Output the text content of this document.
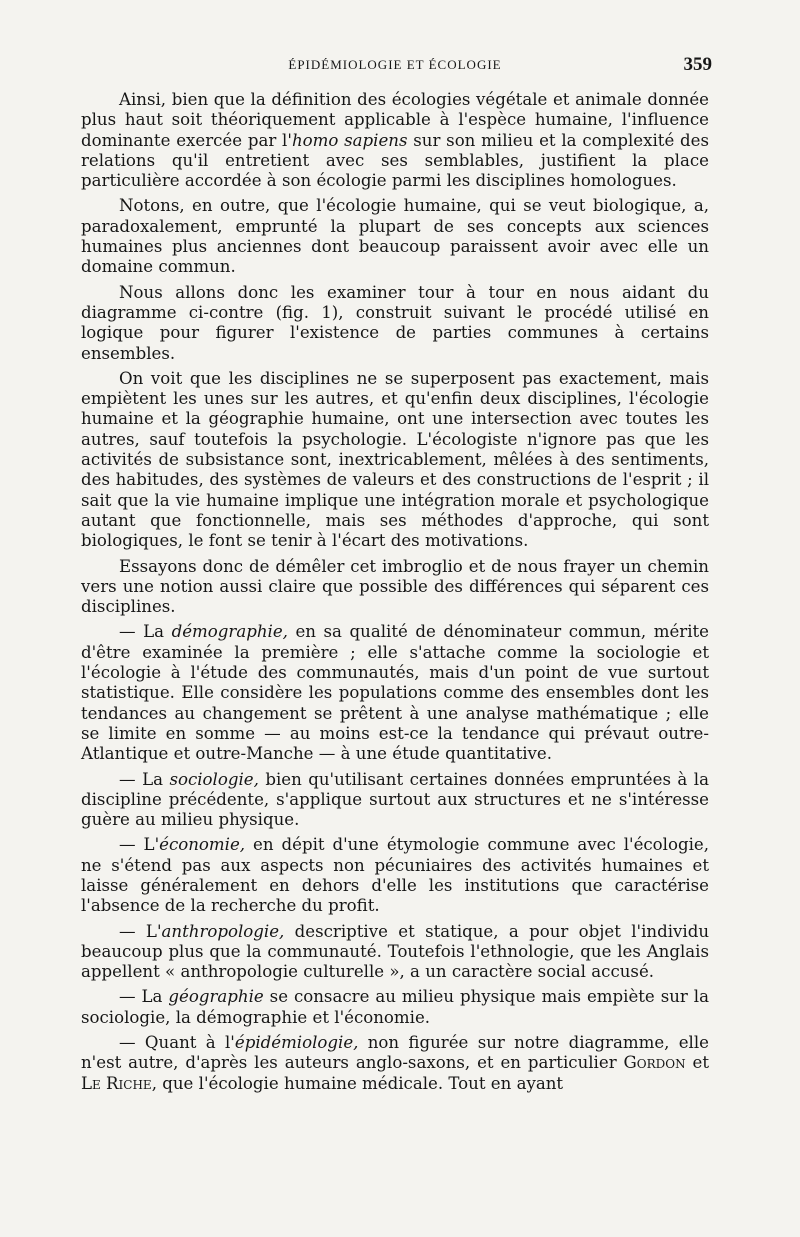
ÉPIDÉMIOLOGIE ET ÉCOLOGIE	359

Ainsi, bien que la définition des écologies végétale et animale donnée plus haut soit théoriquement applicable à l'espèce humaine, l'influence dominante exercée par l'homo sapiens sur son milieu et la complexité des relations qu'il entretient avec ses semblables, justifient la place particulière accordée à son écologie parmi les disciplines homologues.

Notons, en outre, que l'écologie humaine, qui se veut biologique, a, paradoxalement, emprunté la plupart de ses concepts aux sciences humaines plus anciennes dont beaucoup paraissent avoir avec elle un domaine commun.

Nous allons donc les examiner tour à tour en nous aidant du diagramme ci-contre (fig. 1), construit suivant le procédé utilisé en logique pour figurer l'existence de parties communes à certains ensembles.

On voit que les disciplines ne se superposent pas exactement, mais empiètent les unes sur les autres, et qu'enfin deux disciplines, l'écologie humaine et la géographie humaine, ont une intersection avec toutes les autres, sauf toutefois la psychologie. L'écologiste n'ignore pas que les activités de subsistance sont, inextricablement, mêlées à des sentiments, des habitudes, des systèmes de valeurs et des constructions de l'esprit ; il sait que la vie humaine implique une intégration morale et psychologique autant que fonctionnelle, mais ses méthodes d'approche, qui sont biologiques, le font se tenir à l'écart des motivations.

Essayons donc de démêler cet imbroglio et de nous frayer un chemin vers une notion aussi claire que possible des différences qui séparent ces disciplines.

— La démographie, en sa qualité de dénominateur commun, mérite d'être examinée la première ; elle s'attache comme la sociologie et l'écologie à l'étude des communautés, mais d'un point de vue surtout statistique. Elle considère les populations comme des ensembles dont les tendances au changement se prêtent à une analyse mathématique ; elle se limite en somme — au moins est-ce la tendance qui prévaut outre-Atlantique et outre-Manche — à une étude quantitative.

— La sociologie, bien qu'utilisant certaines données empruntées à la discipline précédente, s'applique surtout aux structures et ne s'intéresse guère au milieu physique.

— L'économie, en dépit d'une étymologie commune avec l'écologie, ne s'étend pas aux aspects non pécuniaires des activités humaines et laisse généralement en dehors d'elle les institutions que caractérise l'absence de la recherche du profit.

— L'anthropologie, descriptive et statique, a pour objet l'individu beaucoup plus que la communauté. Toutefois l'ethnologie, que les Anglais appellent « anthropologie culturelle », a un caractère social accusé.

— La géographie se consacre au milieu physique mais empiète sur la sociologie, la démographie et l'économie.

— Quant à l'épidémiologie, non figurée sur notre diagramme, elle n'est autre, d'après les auteurs anglo-saxons, et en particulier Gordon et Le Riche, que l'écologie humaine médicale. Tout en ayant
